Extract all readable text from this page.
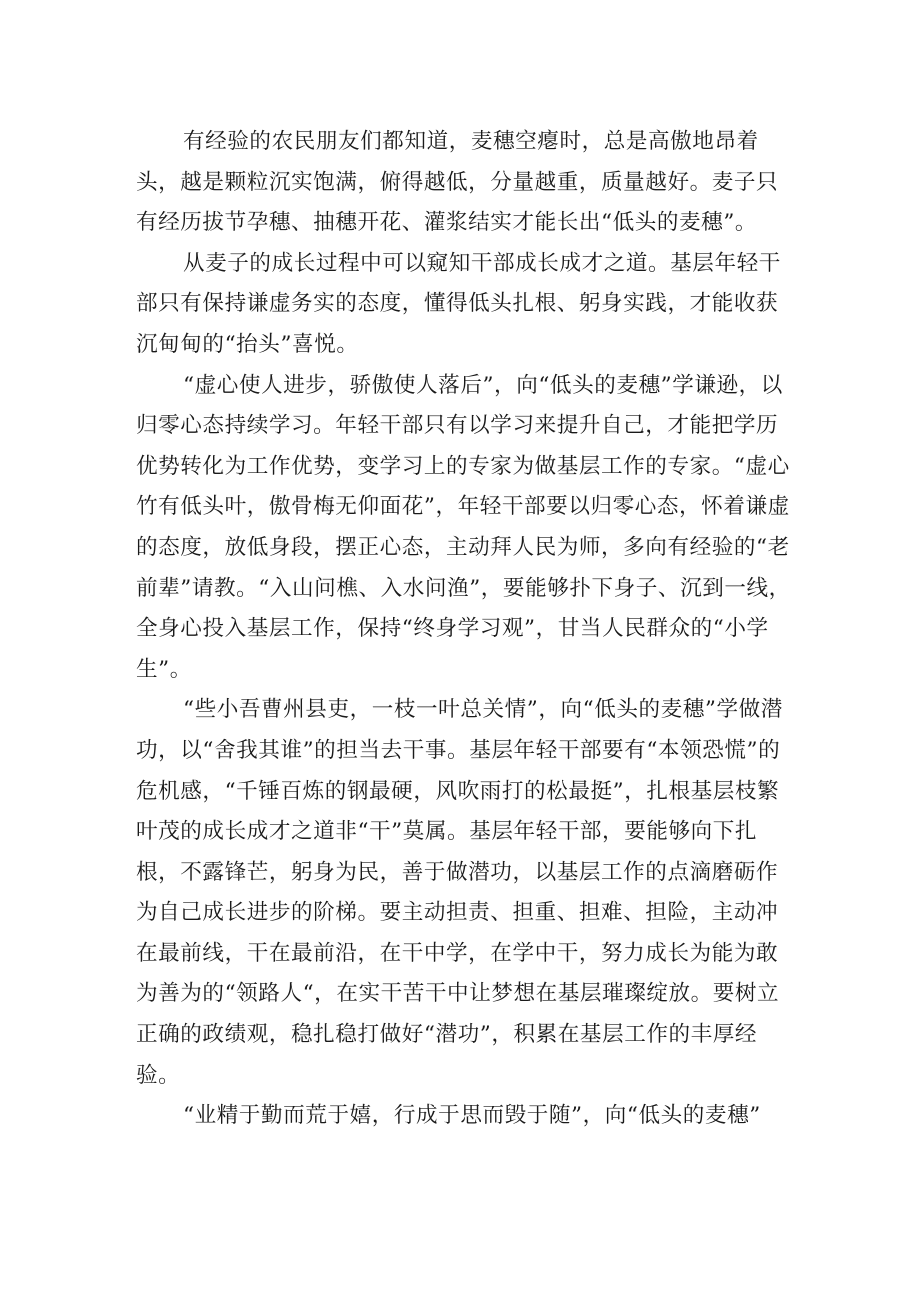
有经验的农民朋友们都知道，麦穗空瘪时，总是高傲地昂着头，越是颗粒沉实饱满，俯得越低，分量越重，质量越好。麦子只有经历拔节孕穗、抽穗开花、灌浆结实才能长出“低头的麦穗”。

从麦子的成长过程中可以窥知干部成长成才之道。基层年轻干部只有保持谦虚务实的态度，懂得低头扎根、躬身实践，才能收获沉甸甸的“抬头”喜悦。

“虚心使人进步，骄傲使人落后”，向“低头的麦穗”学谦逊，以归零心态持续学习。年轻干部只有以学习来提升自己，才能把学历优势转化为工作优势，变学习上的专家为做基层工作的专家。“虚心竹有低头叶，傲骨梅无仰面花”，年轻干部要以归零心态，怀着谦虚的态度，放低身段，摆正心态，主动拜人民为师，多向有经验的“老前辈”请教。“入山问樵、入水问渔”，要能够扑下身子、沉到一线，全身心投入基层工作，保持“终身学习观”，甘当人民群众的“小学生”。

“些小吾曹州县吏，一枝一叶总关情”，向“低头的麦穗”学做潜功，以“舍我其谁”的担当去干事。基层年轻干部要有“本领恐慌”的危机感，“千锤百炼的钢最硬，风吹雨打的松最挺”，扎根基层枝繁叶茂的成长成才之道非“干”莫属。基层年轻干部，要能够向下扎根，不露锋芒，躬身为民，善于做潜功，以基层工作的点滴磨砺作为自己成长进步的阶梯。要主动担责、担重、担难、担险，主动冲在最前线，干在最前沿，在干中学，在学中干，努力成长为能为敢为善为的“领路人“，在实干苦干中让梦想在基层璀璨绽放。要树立正确的政绩观，稳扎稳打做好“潜功”，积累在基层工作的丰厚经验。

“业精于勤而荒于嬉，行成于思而毁于随”，向“低头的麦穗”
